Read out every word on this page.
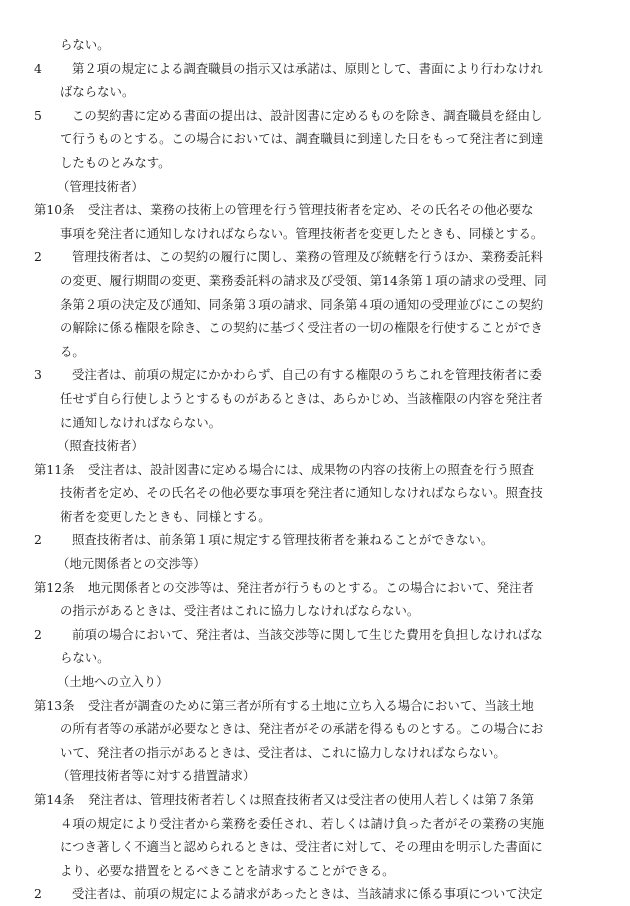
らない。
4 第２項の規定による調査職員の指示又は承諾は、原則として、書面により行わなけれ
ばならない。
5 この契約書に定める書面の提出は、設計図書に定めるものを除き、調査職員を経由し
て行うものとする。この場合においては、調査職員に到達した日をもって発注者に到達
したものとみなす。
（管理技術者）
第10条 受注者は、業務の技術上の管理を行う管理技術者を定め、その氏名その他必要な
事項を発注者に通知しなければならない。管理技術者を変更したときも、同様とする。
2 管理技術者は、この契約の履行に関し、業務の管理及び統轄を行うほか、業務委託料
の変更、履行期間の変更、業務委託料の請求及び受領、第14条第１項の請求の受理、同
条第２項の決定及び通知、同条第３項の請求、同条第４項の通知の受理並びにこの契約
の解除に係る権限を除き、この契約に基づく受注者の一切の権限を行使することができ
る。
3 受注者は、前項の規定にかかわらず、自己の有する権限のうちこれを管理技術者に委
任せず自ら行使しようとするものがあるときは、あらかじめ、当該権限の内容を発注者
に通知しなければならない。
（照査技術者）
第11条 受注者は、設計図書に定める場合には、成果物の内容の技術上の照査を行う照査
技術者を定め、その氏名その他必要な事項を発注者に通知しなければならない。照査技
術者を変更したときも、同様とする。
2 照査技術者は、前条第１項に規定する管理技術者を兼ねることができない。
（地元関係者との交渉等）
第12条 地元関係者との交渉等は、発注者が行うものとする。この場合において、発注者
の指示があるときは、受注者はこれに協力しなければならない。
2 前項の場合において、発注者は、当該交渉等に関して生じた費用を負担しなければな
らない。
（土地への立入り）
第13条 受注者が調査のために第三者が所有する土地に立ち入る場合において、当該土地
の所有者等の承諾が必要なときは、発注者がその承諾を得るものとする。この場合にお
いて、発注者の指示があるときは、受注者は、これに協力しなければならない。
（管理技術者等に対する措置請求）
第14条 発注者は、管理技術者若しくは照査技術者又は受注者の使用人若しくは第７条第
４項の規定により受注者から業務を委任され、若しくは請け負った者がその業務の実施
につき著しく不適当と認められるときは、受注者に対して、その理由を明示した書面に
より、必要な措置をとるべきことを請求することができる。
2 受注者は、前項の規定による請求があったときは、当該請求に係る事項について決定
